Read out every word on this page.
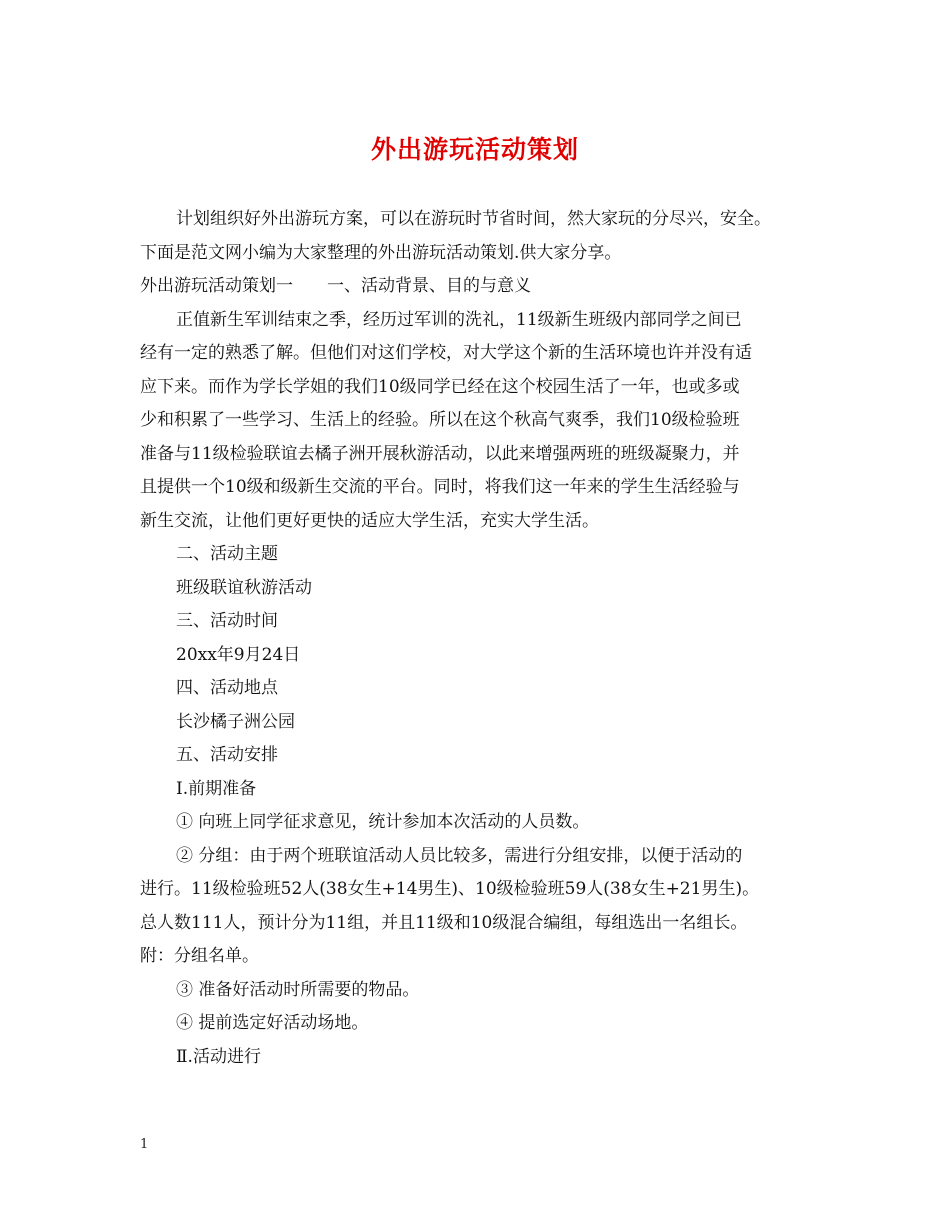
外出游玩活动策划
计划组织好外出游玩方案，可以在游玩时节省时间，然大家玩的分尽兴，安全。
下面是范文网小编为大家整理的外出游玩活动策划.供大家分享。
外出游玩活动策划一 一、活动背景、目的与意义
正值新生军训结束之季，经历过军训的洗礼，11级新生班级内部同学之间已
经有一定的熟悉了解。但他们对这们学校，对大学这个新的生活环境也许并没有适
应下来。而作为学长学姐的我们10级同学已经在这个校园生活了一年，也或多或
少和积累了一些学习、生活上的经验。所以在这个秋高气爽季，我们10级检验班
准备与11级检验联谊去橘子洲开展秋游活动，以此来增强两班的班级凝聚力，并
且提供一个10级和级新生交流的平台。同时，将我们这一年来的学生生活经验与
新生交流，让他们更好更快的适应大学生活，充实大学生活。
二、活动主题
班级联谊秋游活动
三、活动时间
20xx年9月24日
四、活动地点
长沙橘子洲公园
五、活动安排
Ⅰ.前期准备
① 向班上同学征求意见，统计参加本次活动的人员数。
② 分组：由于两个班联谊活动人员比较多，需进行分组安排，以便于活动的
进行。11级检验班52人(38女生+14男生)、10级检验班59人(38女生+21男生)。
总人数111人，预计分为11组，并且11级和10级混合编组，每组选出一名组长。
附：分组名单。
③ 准备好活动时所需要的物品。
④ 提前选定好活动场地。
Ⅱ.活动进行
1
